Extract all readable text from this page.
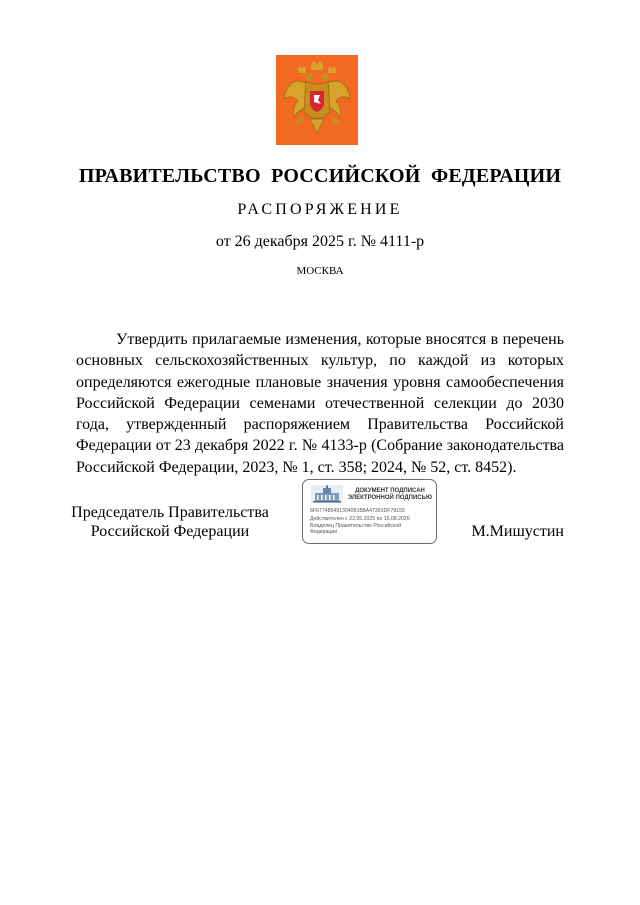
ПРАВИТЕЛЬСТВО  РОССИЙСКОЙ  ФЕДЕРАЦИИ
РАСПОРЯЖЕНИЕ
от 26 декабря 2025 г. № 4111-р
МОСКВА

Утвердить прилагаемые изменения, которые вносятся в перечень основных сельскохозяйственных культур, по каждой из которых определяются ежегодные плановые значения уровня самообеспечения Российской Федерации семенами отечественной селекции до 2030 года, утвержденный распоряжением Правительства Российской Федерации от 23 декабря 2022 г. № 4133-р (Собрание законодательства Российской Федерации, 2023, № 1, ст. 358; 2024, № 52, ст. 8452).

Председатель Правительства
Российской Федерации
ДОКУМЕНТ ПОДПИСАН
ЭЛЕКТРОННОЙ ПОДПИСЬЮ
6F677485491304081B8A47391DF79155
Действителен с 22.05.2025 по 15.08.2026
Владелец Правительство Российской
Федерации	М.Мишустин
